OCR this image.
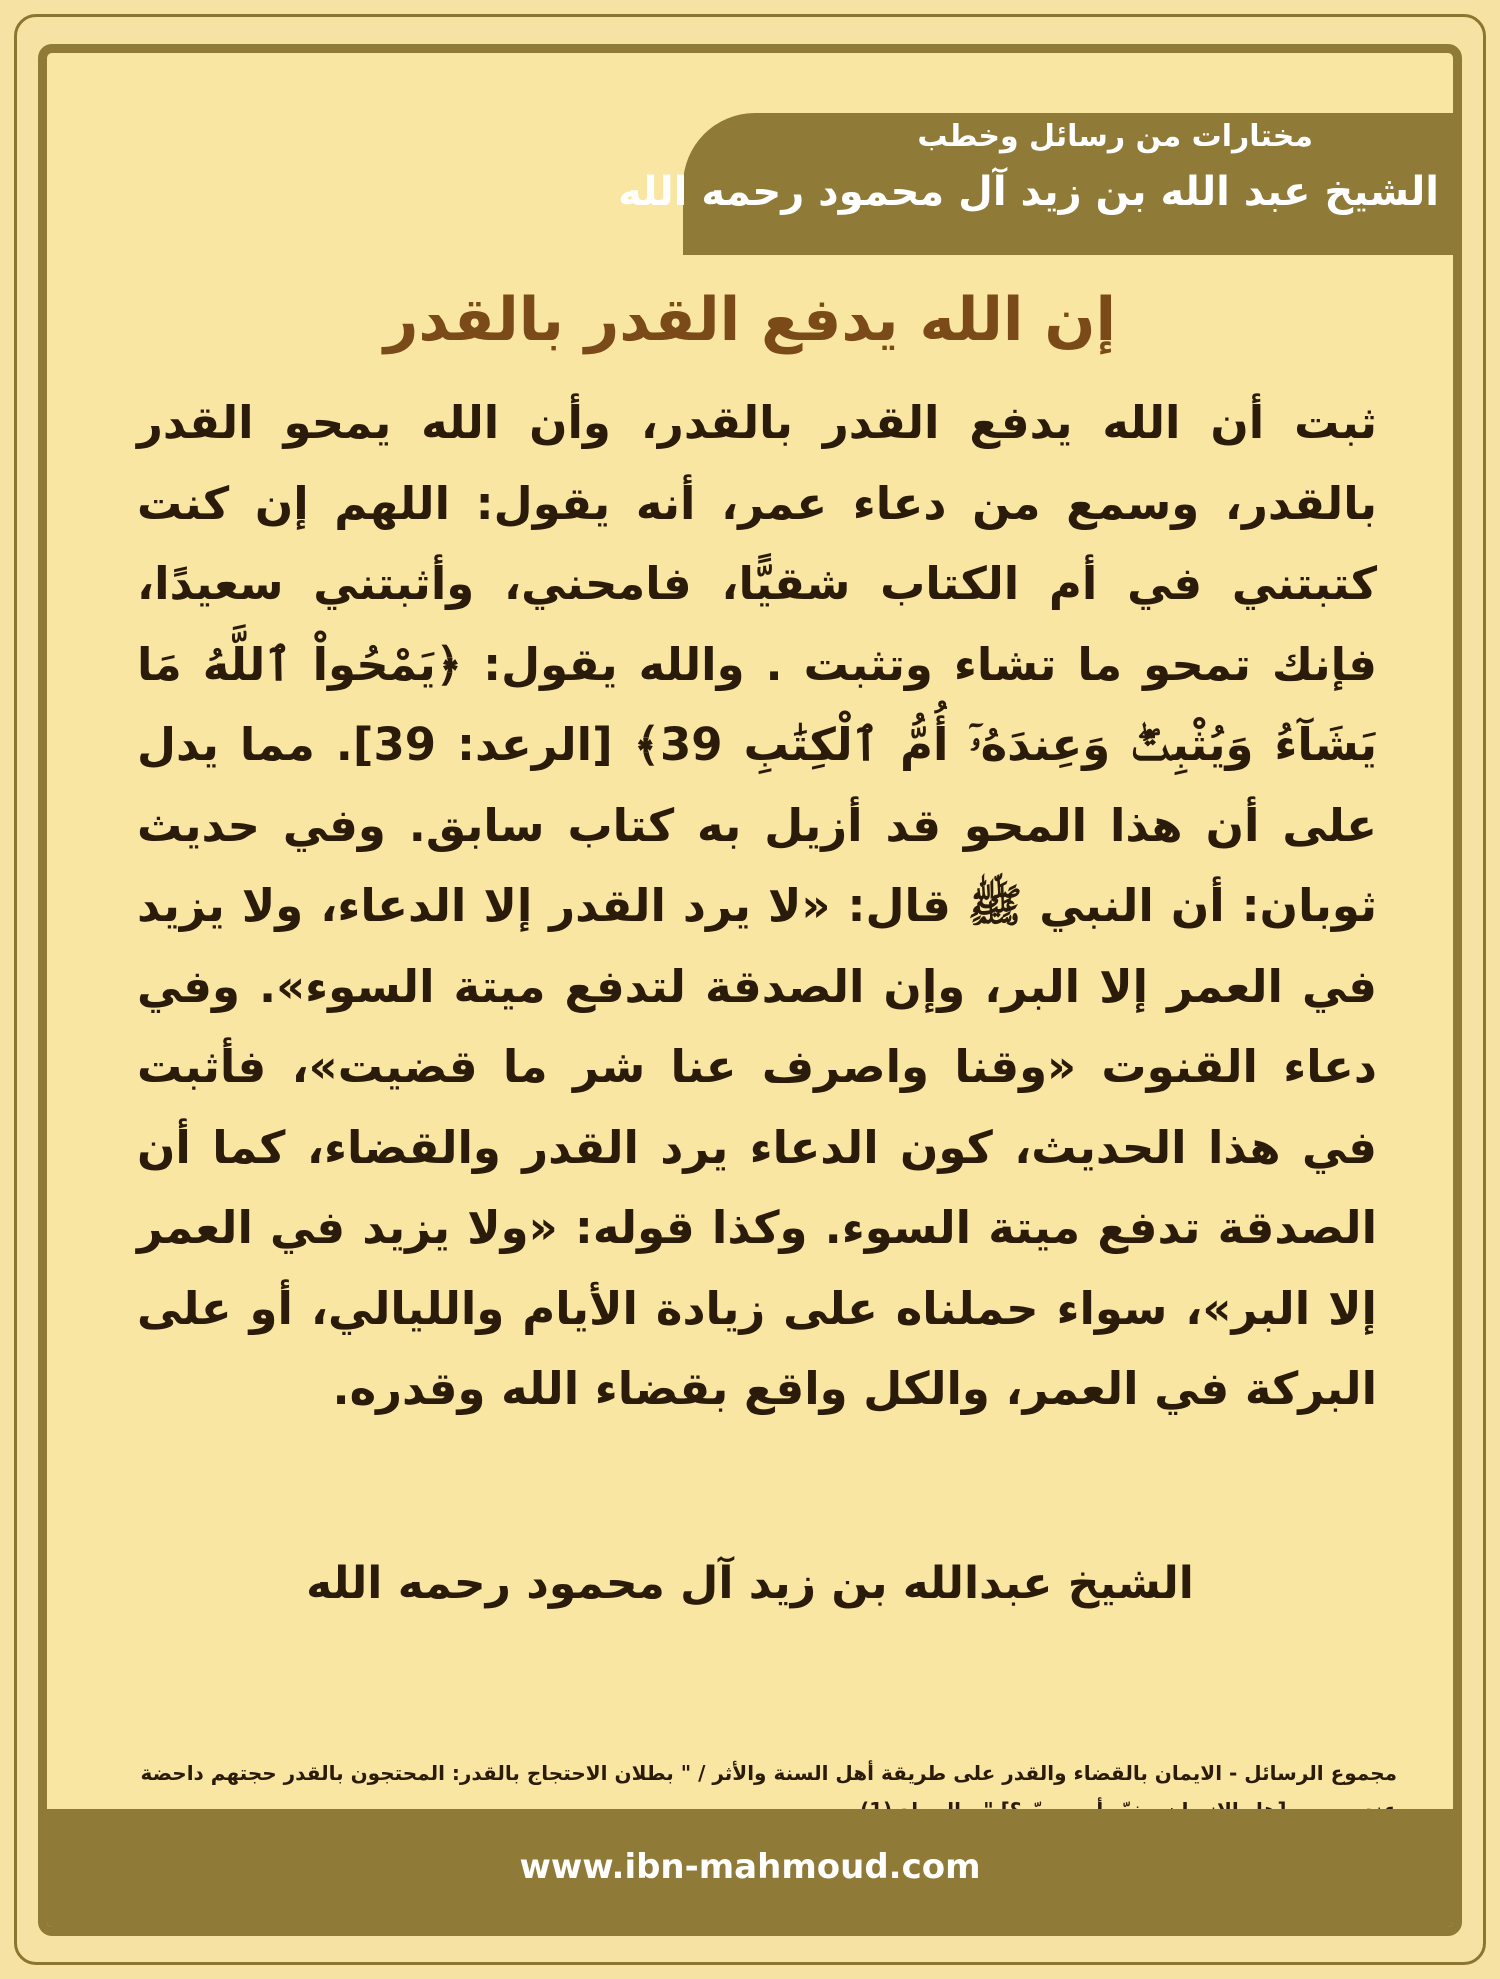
مختارات من رسائل وخطب
الشيخ عبد الله بن زيد آل محمود رحمه الله
إن الله يدفع القدر بالقدر
ثبت أن الله يدفع القدر بالقدر، وأن الله يمحو القدر بالقدر، وسمع من دعاء عمر، أنه يقول: اللهم إن كنت كتبتني في أم الكتاب شقيًّا، فامحني، وأثبتني سعيدًا، فإنك تمحو ما تشاء وتثبت . والله يقول: ﴿يَمْحُواْ ٱللَّهُ مَا يَشَآءُ وَيُثْبِتُۖ وَعِندَهُۥٓ أُمُّ ٱلْكِتَٰبِ 39﴾ [الرعد: 39]. مما يدل على أن هذا المحو قد أزيل به كتاب سابق. وفي حديث ثوبان: أن النبي ﷺ قال: «لا يرد القدر إلا الدعاء، ولا يزيد في العمر إلا البر، وإن الصدقة لتدفع ميتة السوء». وفي دعاء القنوت «وقنا واصرف عنا شر ما قضيت»، فأثبت في هذا الحديث، كون الدعاء يرد القدر والقضاء، كما أن الصدقة تدفع ميتة السوء. وكذا قوله: «ولا يزيد في العمر إلا البر»، سواء حملناه على زيادة الأيام والليالي، أو على البركة في العمر، والكل واقع بقضاء الله وقدره.
الشيخ عبدالله بن زيد آل محمود رحمه الله
مجموع الرسائل - الايمان بالقضاء والقدر على طريقة أهل السنة والأثر / " بطلان الاحتجاج بالقدر: المحتجون بالقدر حجتهم داحضة
www.ibn-mahmoud.com
